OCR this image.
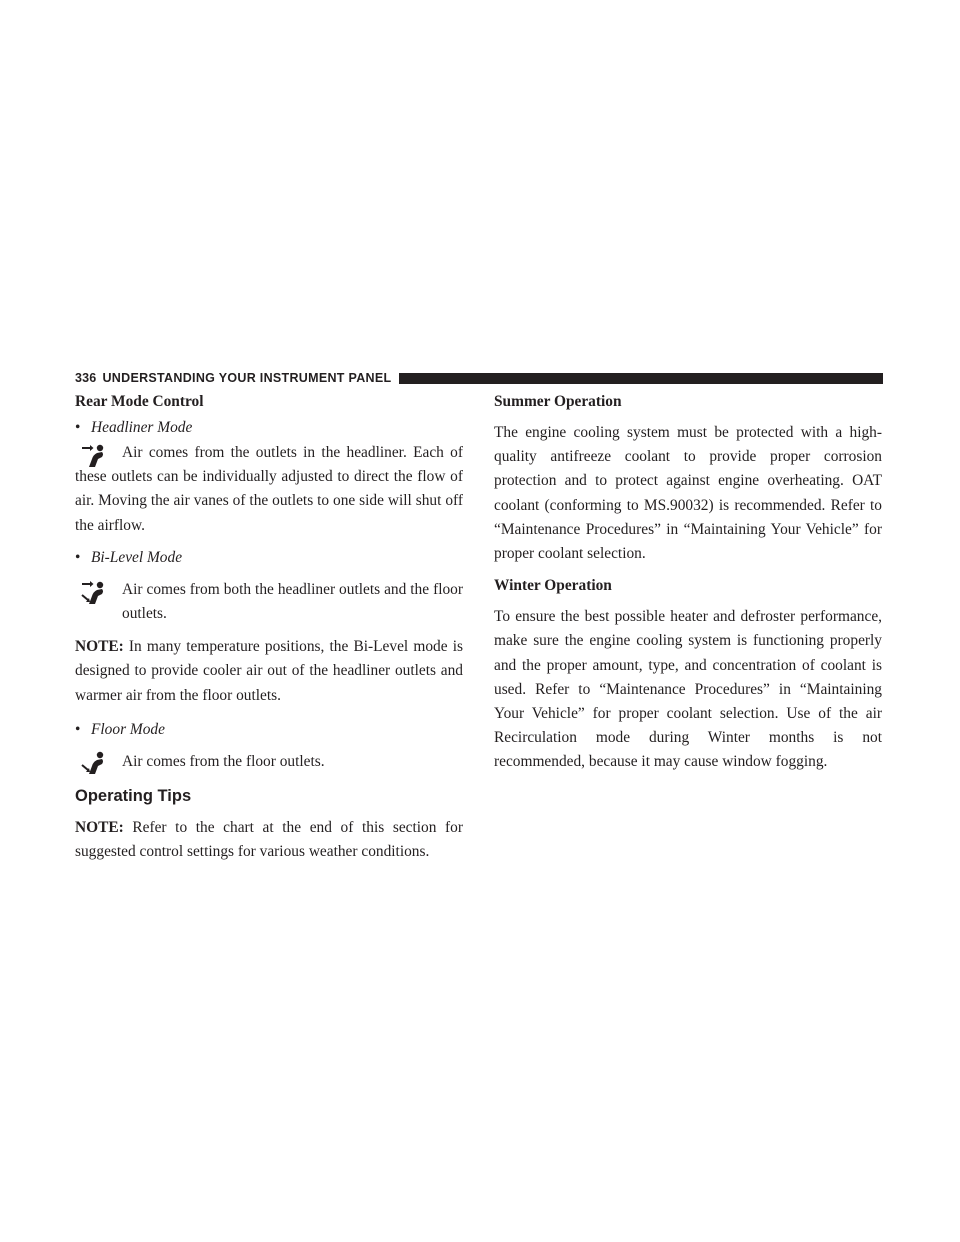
336 UNDERSTANDING YOUR INSTRUMENT PANEL

Rear Mode Control

• Headliner Mode

Air comes from the outlets in the headliner. Each of these outlets can be individually adjusted to direct the flow of air. Moving the air vanes of the outlets to one side will shut off the airflow.

• Bi-Level Mode

Air comes from both the headliner outlets and the floor outlets.

NOTE: In many temperature positions, the Bi-Level mode is designed to provide cooler air out of the headliner outlets and warmer air from the floor outlets.

• Floor Mode

Air comes from the floor outlets.

Operating Tips

NOTE: Refer to the chart at the end of this section for suggested control settings for various weather conditions.

Summer Operation

The engine cooling system must be protected with a high-quality antifreeze coolant to provide proper corrosion protection and to protect against engine overheating. OAT coolant (conforming to MS.90032) is recommended. Refer to “Maintenance Procedures” in “Maintaining Your Vehicle” for proper coolant selection.

Winter Operation

To ensure the best possible heater and defroster performance, make sure the engine cooling system is functioning properly and the proper amount, type, and concentration of coolant is used. Refer to “Maintenance Procedures” in “Maintaining Your Vehicle” for proper coolant selection. Use of the air Recirculation mode during Winter months is not recommended, because it may cause window fogging.
